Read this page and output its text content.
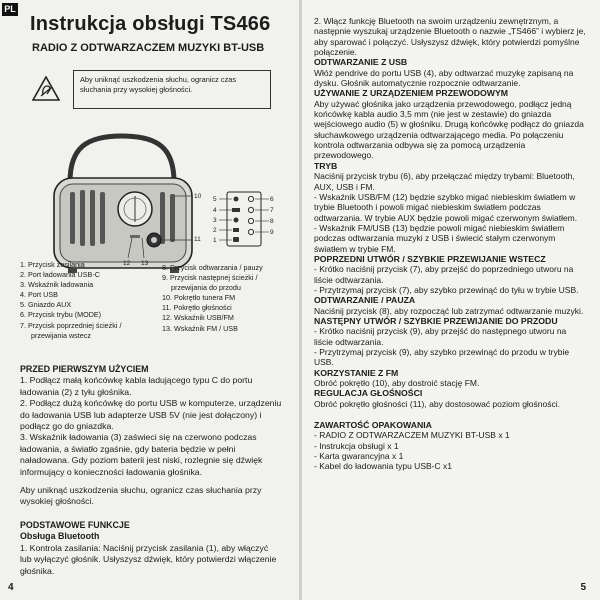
PL
Instrukcja obsługi TS466
RADIO Z ODTWARZACZEM MUZYKI BT-USB
Aby uniknąć uszkodzenia słuchu, ogranicz czas słuchania przy wysokiej głośności.
10
11
12 13
5
4
3
2
1
6
7
8
9
1. Przycisk zasilania
2. Port ładowania USB-C
3. Wskaźnik ładowania
4. Port USB
5. Gniazdo AUX
6. Przycisk trybu (MODE)
7. Przycisk poprzedniej ścieżki /
przewijania wstecz
8. Przycisk odtwarzania / pauzy
9. Przycisk następnej ścieżki /
przewijania do przodu
10. Pokrętło tunera FM
11. Pokrętło głośności
12. Wskaźnik USB/FM
13. Wskaźnik FM / USB

PRZED PIERWSZYM UŻYCIEM

1. Podłącz małą końcówkę kabla ładującego typu C do portu ładowania (2) z tyłu głośnika.

2. Podłącz dużą końcówkę do portu USB w komputerze, urządzeniu do ładowania USB lub adapterze USB 5V (nie jest dołączony) i podłącz go do gniazdka.

3. Wskaźnik ładowania (3) zaświeci się na czerwono podczas ładowania, a światło zgaśnie, gdy bateria będzie w pełni naładowana. Gdy poziom baterii jest niski, rozlegnie się dźwięk informujący o konieczności ładowania głośnika.

Aby uniknąć uszkodzenia słuchu, ogranicz czas słuchania przy wysokiej głośności.

PODSTAWOWE FUNKCJE

Obsługa Bluetooth

1. Kontrola zasilania: Naciśnij przycisk zasilania (1), aby włączyć lub wyłączyć głośnik. Usłyszysz dźwięk, który potwierdzi włączenie głośnika.

4

2. Włącz funkcję Bluetooth na swoim urządzeniu zewnętrznym, a następnie wyszukaj urządzenie Bluetooth o nazwie „TS466” i wybierz je, aby sparować i połączyć. Usłyszysz dźwięk, który potwierdzi pomyślne połączenie.

ODTWARZANIE Z USB

Włóż pendrive do portu USB (4), aby odtwarzać muzykę zapisaną na dysku. Głośnik automatycznie rozpocznie odtwarzanie.

UŻYWANIE Z URZĄDZENIEM PRZEWODOWYM

Aby używać głośnika jako urządzenia przewodowego, podłącz jedną końcówkę kabla audio 3,5 mm (nie jest w zestawie) do gniazda wejściowego audio (5) w głośniku. Drugą końcówkę podłącz do gniazda słuchawkowego urządzenia odtwarzającego media. Po połączeniu kontrola odtwarzania odbywa się za pomocą urządzenia przewodowego.

TRYB

Naciśnij przycisk trybu (6), aby przełączać między trybami: Bluetooth, AUX, USB i FM.

- Wskaźnik USB/FM (12) będzie szybko migać niebieskim światłem w trybie Bluetooth i powoli migać niebieskim światłem podczas odtwarzania. W trybie AUX będzie powoli migać czerwonym światłem.

- Wskaźnik FM/USB (13) będzie powoli migać niebieskim światłem podczas odtwarzania muzyki z USB i świecić stałym czerwonym światłem w trybie FM.

POPRZEDNI UTWÓR / SZYBKIE PRZEWIJANIE WSTECZ

- Krótko naciśnij przycisk (7), aby przejść do poprzedniego utworu na liście odtwarzania.

- Przytrzymaj przycisk (7), aby szybko przewinąć do tyłu w trybie USB.

ODTWARZANIE / PAUZA

Naciśnij przycisk (8), aby rozpocząć lub zatrzymać odtwarzanie muzyki.

NASTĘPNY UTWÓR / SZYBKIE PRZEWIJANIE DO PRZODU

- Krótko naciśnij przycisk (9), aby przejść do następnego utworu na liście odtwarzania.

- Przytrzymaj przycisk (9), aby szybko przewinąć do przodu w trybie USB.

KORZYSTANIE Z FM

Obróć pokrętło (10), aby dostroić stację FM.

REGULACJA GŁOŚNOŚCI

Obróć pokrętło głośności (11), aby dostosować poziom głośności.

ZAWARTOŚĆ OPAKOWANIA

- RADIO Z ODTWARZACZEM MUZYKI BT-USB x 1

- Instrukcja obsługi x 1

- Karta gwarancyjna x 1

- Kabel do ładowania typu USB-C x1

5
